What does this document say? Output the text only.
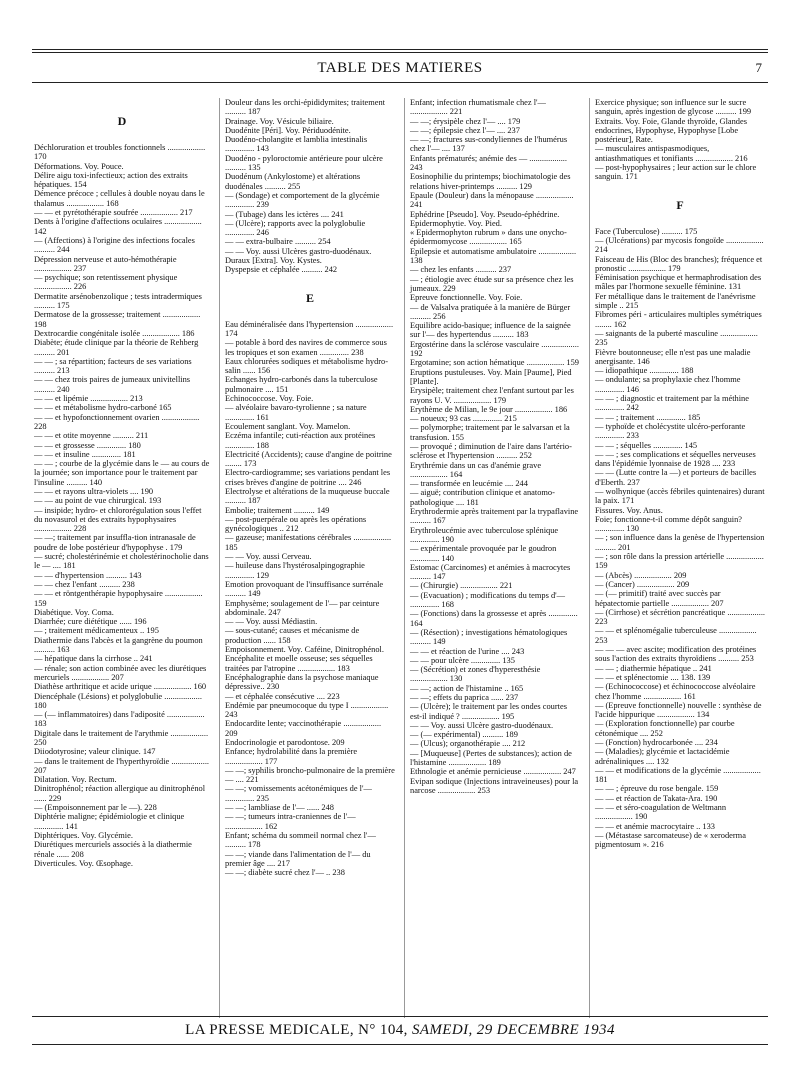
TABLE DES MATIERES	7

D

Déchloruration et troubles fonctionnels .................. 170

Déformations. Voy. Pouce.

Délire aigu toxi-infectieux; action des extraits hépatiques. 154

Démence précoce ; cellules à double noyau dans le thalamus .................. 168

— — et pyrétothérapie soufrée .................. 217

Dents à l'origine d'affections oculaires .................. 142

— (Affections) à l'origine des infections focales .......... 244

Dépression nerveuse et auto-hémothérapie .................. 237

— psychique; son retentissement physique .................. 226

Dermatite arsénobenzolique ; tests intradermiques .......... 175

Dermatose de la grossesse; traitement .................. 198

Dextrocardie congénitale isolée .................. 186

Diabète; étude clinique par la théorie de Rehberg .......... 201

— — ; sa répartition; facteurs de ses variations .......... 213

— — chez trois paires de jumeaux univitellins .......... 240

— — et lipémie .................. 213

— — et métabolisme hydro-carboné 165

— — et hypofonctionnement ovarien .................. 228

— — et otite moyenne .......... 211

— — et grossesse .............. 180

— — et insuline .............. 181

— — ; courbe de la glycémie dans le — au cours de la journée; son importance pour le traitement par l'insuline .......... 140

— — et rayons ultra-violets .... 190

— — au point de vue chirurgical. 193

— insipide; hydro- et chlororégulation sous l'effet du novasurol et des extraits hypophysaires .................. 228

— —; traitement par insuffla-tion intranasale de poudre de lobe postérieur d'hypophyse . 179

— sucré; cholestérinémie et cholestérinocholie dans le — .... 181

— — d'hypertension .......... 143

— — chez l'enfant .......... 238

— — et röntgenthérapie hypophysaire .................. 159

Diabétique. Voy. Coma.

Diarrhée; cure diététique ...... 196

— ; traitement médicamenteux .. 195

Diathermie dans l'abcès et la gangrène du poumon .......... 163

— hépatique dans la cirrhose .. 241

— rénale; son action combinée avec les diurétiques mercuriels .................. 207

Diathèse arthritique et acide urique .................. 160

Diencéphale (Lésions) et polyglobulie .................. 180

— (— inflammatoires) dans l'adiposité .................. 183

Digitale dans le traitement de l'arythmie .................. 250

Diiodotyrosine; valeur clinique. 147

— dans le traitement de l'hyperthyroïdie .................. 207

Dilatation. Voy. Rectum.

Dinitrophénol; réaction allergique au dinitrophénol ...... 229

— (Empoisonnement par le —). 228

Diphtérie maligne; épidémiologie et clinique .............. 141

Diphtériques. Voy. Glycémie.

Diurétiques mercuriels associés à la diathermie rénale ...... 208

Diverticules. Voy. Œsophage.

Douleur dans les orchi-épididymites; traitement .......... 187

Drainage. Voy. Vésicule biliaire.

Duodénite [Péri]. Voy. Périduodénite.

Duodéno-cholangite et lamblia intestinalis .............. 143

Duodéno - pyloroctomie antérieure pour ulcère .......... 135

Duodénum (Ankylostome) et altérations duodénales .......... 255

— (Sondage) et comportement de la glycémie .............. 239

— (Tubage) dans les ictères .... 241

— (Ulcère); rapports avec la polyglobulie .............. 246

— — extra-bulbaire .......... 254

— — Voy. aussi Ulcères gastro-duodénaux.

Duraux [Extra]. Voy. Kystes.

Dyspepsie et céphalée .......... 242

E

Eau déminéralisée dans l'hypertension .................. 174

— potable à bord des navires de commerce sous les tropiques et son examen .............. 238

Eaux chlorurées sodiques et métabolisme hydro-salin ...... 156

Echanges hydro-carbonés dans la tuberculose pulmonaire .... 151

Echinococcose. Voy. Foie.

— alvéolaire bavaro-tyrolienne ; sa nature .............. 161

Ecoulement sanglant. Voy. Mamelon.

Eczéma infantile; cuti-réaction aux protéines .............. 188

Electricité (Accidents); cause d'angine de poitrine ........ 173

Electro-cardiogramme; ses variations pendant les crises brèves d'angine de poitrine .... 246

Electrolyse et altérations de la muqueuse buccale .......... 187

Embolie; traitement .......... 149

— post-puerpérale ou après les opérations gynécologiques .. 212

— gazeuse; manifestations cérébrales .................. 185

— — Voy. aussi Cerveau.

— huileuse dans l'hystérosalpingographie .............. 129

Emotion provoquant de l'insuffisance surrénale .......... 149

Emphysème; soulagement de l'— par ceinture abdominale. 247

— — Voy. aussi Médiastin.

— sous-cutané; causes et mécanisme de production ...... 158

Empoisonnement. Voy. Caféine, Dinitrophénol.

Encéphalite et moelle osseuse; ses séquelles traitées par l'atropine .................. 183

Encéphalographie dans la psychose maniaque dépressive.. 230

— et céphalée consécutive .... 223

Endémie par pneumocoque du type I .................. 243

Endocardite lente; vaccinothérapie .................. 209

Endocrinologie et parodontose. 209

Enfance; hydrolabilité dans la première .................. 177

— —; syphilis broncho-pulmonaire de la première — .... 221

— —; vomissements acétonémiques de l'— .............. 235

— —; lambliase de l'— ...... 248

— —; tumeurs intra-craniennes de l'— .................. 162

Enfant; schéma du sommeil normal chez l'— .......... 178

— —; viande dans l'alimentation de l'— du premier âge .... 217

— —; diabète sucré chez l'— .. 238

Enfant; infection rhumatismale chez l'— .................. 221

— —; érysipèle chez l'— .... 179

— —; épilepsie chez l'— .... 237

— —; fractures sus-condyliennes de l'humérus chez l'— .... 137

Enfants prématurés; anémie des — .................. 243

Eosinophilie du printemps; biochimatologie des relations hiver-printemps .......... 129

Epaule (Douleur) dans la ménopause .................. 241

Ephédrine [Pseudo]. Voy. Pseudo-éphédrine.

Epidermophytie. Voy. Pied.

« Epidermophyton rubrum » dans une onycho-épidermomycose .................. 165

Epilepsie et automatisme ambulatoire .................. 138

— chez les enfants .......... 237

— ; étiologie avec étude sur sa présence chez les jumeaux. 229

Epreuve fonctionnelle. Voy. Foie.

— de Valsalva pratiquée à la manière de Bürger .......... 256

Equilibre acido-basique; influence de la saignée sur l'— des hypertendus .......... 183

Ergostérine dans la sclérose vasculaire .................. 192

Ergotamine; son action hématique .................. 159

Eruptions pustuleuses. Voy. Main [Paume], Pied [Plante].

Erysipèle; traitement chez l'enfant surtout par les rayons U. V. .................. 179

Erythème de Milian, le 9e jour .................. 186

— noueux; 93 cas .............. 215

— polymorphe; traitement par le salvarsan et la transfusion. 155

— provoqué ; diminution de l'aire dans l'artério-sclérose et l'hypertension .......... 252

Erythrémie dans un cas d'anémie grave .................. 164

— transformée en leucémie .... 244

— aiguë; contribution clinique et anatomo-pathologique .... 181

Erythrodermie après traitement par la trypaflavine .......... 167

Erythroleucémie avec tuberculose splénique .............. 190

— expérimentale provoquée par le goudron .............. 140

Estomac (Carcinomes) et anémies à macrocytes .......... 147

— (Chirurgie) .................. 221

— (Evacuation) ; modifications du temps d'— .............. 168

— (Fonctions) dans la grossesse et après .............. 164

— (Résection) ; investigations hématologiques .......... 149

— — et réaction de l'urine .... 243

— — pour ulcère .............. 135

— (Sécrétion) et zones d'hyperesthésie .................. 130

— —; action de l'histamine .. 165

— —; effets du paprica ...... 237

— (Ulcère); le traitement par les ondes courtes est-il indiqué ? .................. 195

— — Voy. aussi Ulcère gastro-duodénaux.

— (— expérimental) .......... 189

— (Ulcus); organothérapie .... 212

— [Muqueuse] (Pertes de substances); action de l'histamine .................. 189

Ethnologie et anémie pernicieuse .................. 247

Evipan sodique (Injections intraveineuses) pour la narcose .................. 253

Exercice physique; son influence sur le sucre sanguin, après ingestion de glycose .......... 199

Extraits. Voy. Foie, Glande thyroïde, Glandes endocrines, Hypophyse, Hypophyse [Lobe postérieur], Rate.

— musculaires antispasmodiques, antiasthmatiques et tonifiants .................. 216

— post-hypophysaires ; leur action sur le chlore sanguin. 171

F

Face (Tuberculose) .......... 175

— (Ulcérations) par mycosis fongoïde .................. 214

Faisceau de His (Bloc des branches); fréquence et pronostic .................. 179

Féminisation psychique et hermaphrodisation des mâles par l'hormone sexuelle féminine. 131

Fer métallique dans le traitement de l'anévrisme simple .. 215

Fibromes péri - articulaires multiples symétriques ........ 162

— saignants de la puberté masculine .................. 235

Fièvre boutonneuse; elle n'est pas une maladie anergisante. 146

— idiopathique .............. 188

— ondulante; sa prophylaxie chez l'homme .............. 146

— — ; diagnostic et traitement par la méthine .............. 242

— — ; traitement .............. 185

— typhoïde et cholécystite ulcéro-perforante .............. 233

— — ; séquelles .............. 145

— — ; ses complications et séquelles nerveuses dans l'épidémie lyonnaise de 1928 .... 233

— — (Lutte contre la —) et porteurs de bacilles d'Eberth. 237

— wolhynique (accès fébriles quintenaires) durant la paix. 171

Fissures. Voy. Anus.

Foie; fonctionne-t-il comme dépôt sanguin? .............. 130

— ; son influence dans la genèse de l'hypertension .......... 201

— ; son rôle dans la pression artérielle .................. 159

— (Abcès) .................. 209

— (Cancer) .................. 209

— (— primitif) traité avec succès par hépatectomie partielle .................. 207

— (Cirrhose) et sécrétion pancréatique .................. 223

— — et splénomégalie tuberculeuse .................. 253

— — — avec ascite; modification des protéines sous l'action des extraits thyroïdiens .......... 253

— — ; diathermie hépatique .. 241

— — et splénectomie .... 138. 139

— (Echinococcose) et échinococcose alvéolaire chez l'homme .................. 161

— (Epreuve fonctionnelle) nouvelle : synthèse de l'acide hippurique .................. 134

— (Exploration fonctionnelle) par courbe cétonémique .... 252

— (Fonction) hydrocarbonée .... 234

— (Maladies); glycémie et lactacidémie adrénaliniques .... 132

— — et modifications de la glycémie .................. 181

— — ; épreuve du rose bengale. 159

— — et réaction de Takata-Ara. 190

— — et séro-coagulation de Weltmann .................. 190

— — et anémie macrocytaire .. 133

— (Métastase sarcomateuse) de « xeroderma pigmentosum ». 216

LA PRESSE MEDICALE, N° 104, SAMEDI, 29 DECEMBRE 1934
